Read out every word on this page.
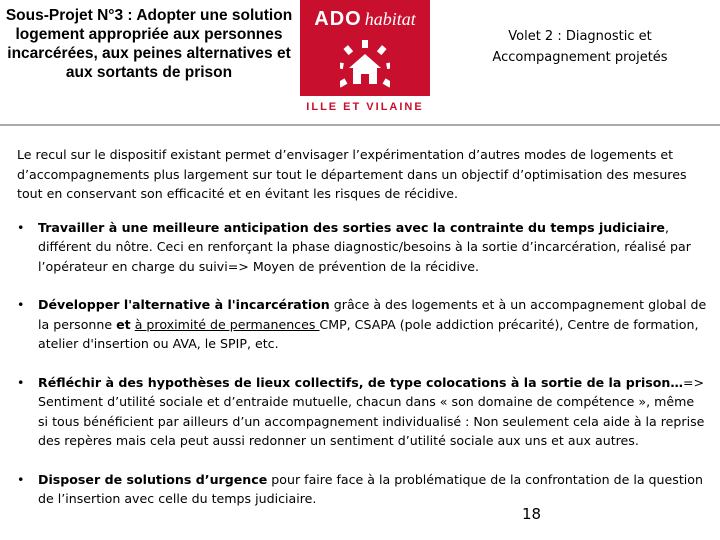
Sous-Projet N°3 : Adopter une solution logement appropriée aux personnes incarcérées, aux peines alternatives et aux sortants de prison
ADO habitat
ILLE ET VILAINE
Volet 2 : Diagnostic et
Accompagnement projetés

Le recul sur le dispositif existant permet d’envisager l’expérimentation d’autres modes de logements et d’accompagnements plus largement sur tout le département dans un objectif d’optimisation des mesures tout en conservant son efficacité et en évitant les risques de récidive.

• Travailler à une meilleure anticipation des sorties avec la contrainte du temps judiciaire, différent du nôtre. Ceci en renforçant la phase diagnostic/besoins à la sortie d’incarcération, réalisé par l’opérateur en charge du suivi=> Moyen de prévention de la récidive.
• Développer l'alternative à l'incarcération grâce à des logements et à un accompagnement global de la personne et à proximité de permanences CMP, CSAPA (pole addiction précarité), Centre de formation, atelier d'insertion ou AVA, le SPIP, etc.
• Réfléchir à des hypothèses de lieux collectifs, de type colocations à la sortie de la prison…=> Sentiment d’utilité sociale et d’entraide mutuelle, chacun dans « son domaine de compétence », même si tous bénéficient par ailleurs d’un accompagnement individualisé : Non seulement cela aide à la reprise des repères mais cela peut aussi redonner un sentiment d’utilité sociale aux uns et aux autres.
• Disposer de solutions d’urgence pour faire face à la problématique de la confrontation de la question de l’insertion avec celle du temps judiciaire.
18
